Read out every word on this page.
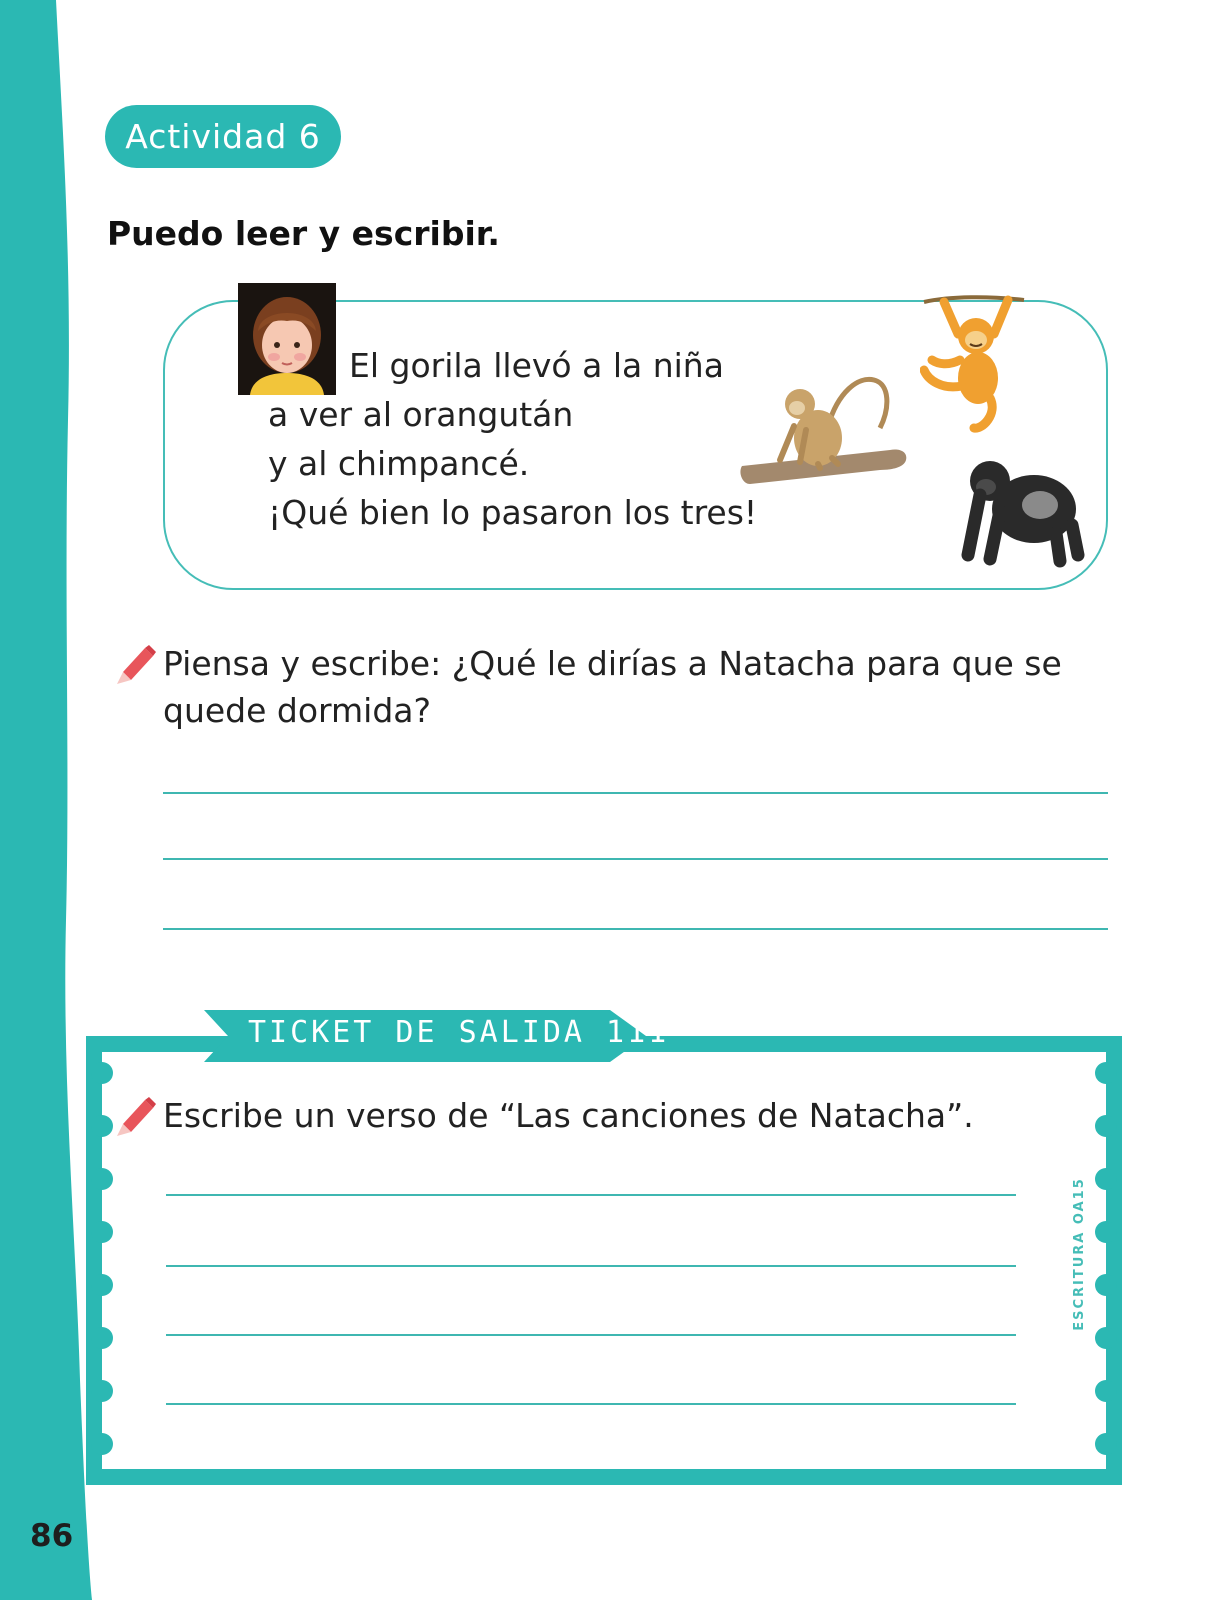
86
Actividad 6
Puedo leer y escribir.
El gorila llevó a la niña
a ver al orangután
y al chimpancé.
¡Qué bien lo pasaron los tres!
Piensa y escribe: ¿Qué le dirías a Natacha para que se
quede dormida?
TICKET DE SALIDA 111
Escribe un verso de “Las canciones de Natacha”.
ESCRITURA OA15
